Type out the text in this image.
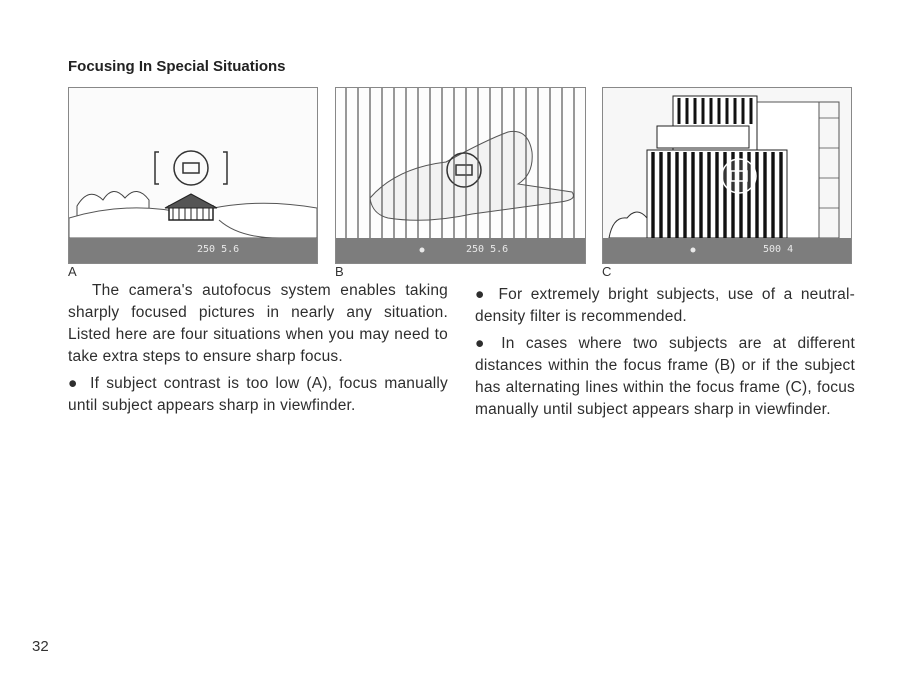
Focusing In Special Situations
250 5.6	250 5.6	500 4
A	B	C

The camera's autofocus system enables taking sharply focused pictures in nearly any situation. Listed here are four situations when you may need to take extra steps to ensure sharp focus.

● If subject contrast is too low (A), focus manually until subject appears sharp in viewfinder.

● For extremely bright subjects, use of a neutral-density filter is recommended.

● In cases where two subjects are at different distances within the focus frame (B) or if the subject has alternating lines within the focus frame (C), focus manually until subject appears sharp in viewfinder.

32
